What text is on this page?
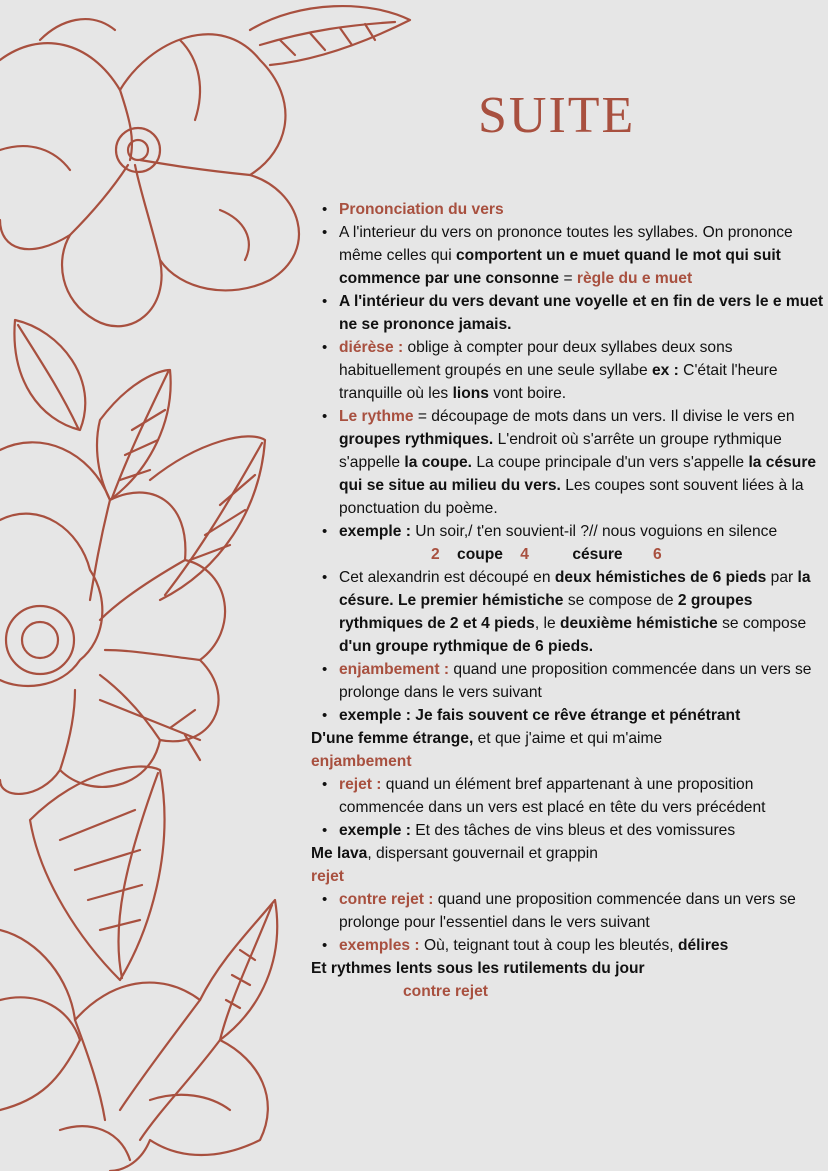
SUITE
• Prononciation du vers
• A l'interieur du vers on prononce toutes les syllabes. On prononce même celles qui comportent un e muet quand le mot qui suit commence par une consonne = règle du e muet
• A l'intérieur du vers devant une voyelle et en fin de vers le e muet ne se prononce jamais.
• diérèse : oblige à compter pour deux syllabes deux sons habituellement groupés en une seule syllabe ex : C'était l'heure tranquille où les lions vont boire.
• Le rythme = découpage de mots dans un vers. Il divise le vers en groupes rythmiques. L'endroit où s'arrête un groupe rythmique s'appelle la coupe. La coupe principale d'un vers s'appelle la césure qui se situe au milieu du vers. Les coupes sont souvent liées à la ponctuation du poème.
• exemple : Un soir,/ t'en souvient-il ?// nous voguions en silence

2 coupe 4	césure 6

• Cet alexandrin est découpé en deux hémistiches de 6 pieds par la césure. Le premier hémistiche se compose de 2 groupes rythmiques de 2 et 4 pieds, le deuxième hémistiche se compose d'un groupe rythmique de 6 pieds.
• enjambement : quand une proposition commencée dans un vers se prolonge dans le vers suivant
• exemple : Je fais souvent ce rêve étrange et pénétrant

D'une femme étrange, et que j'aime et qui m'aime

enjambement

• rejet : quand un élément bref appartenant à une proposition commencée dans un vers est placé en tête du vers précédent
• exemple : Et des tâches de vins bleus et des vomissures

Me lava, dispersant gouvernail et grappin

rejet

• contre rejet : quand une proposition commencée dans un vers se prolonge pour l'essentiel dans le vers suivant
• exemples : Où, teignant tout à coup les bleutés, délires

Et rythmes lents sous les rutilements du jour

contre rejet
